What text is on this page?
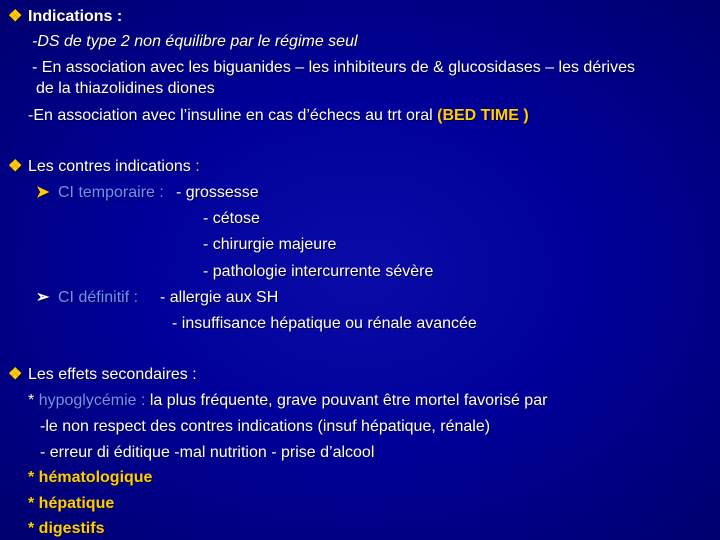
❖ Indications :
-DS de type 2 non équilibre par le régime seul
- En association avec les biguanides – les inhibiteurs de & glucosidases – les dérives
de la thiazolidines diones
-En association avec l’insuline en cas d’échecs au trt oral (BED TIME )
❖ Les contres indications :
➤ CI temporaire : - grossesse
- cétose
- chirurgie majeure
- pathologie intercurrente sévère
➢ CI définitif : - allergie aux SH
- insuffisance hépatique ou rénale avancée
❖ Les effets secondaires :
* hypoglycémie : la plus fréquente, grave pouvant être mortel favorisé par
-le non respect des contres indications (insuf hépatique, rénale)
- erreur di éditique -mal nutrition - prise d’alcool
* hématologique
* hépatique
* digestifs
